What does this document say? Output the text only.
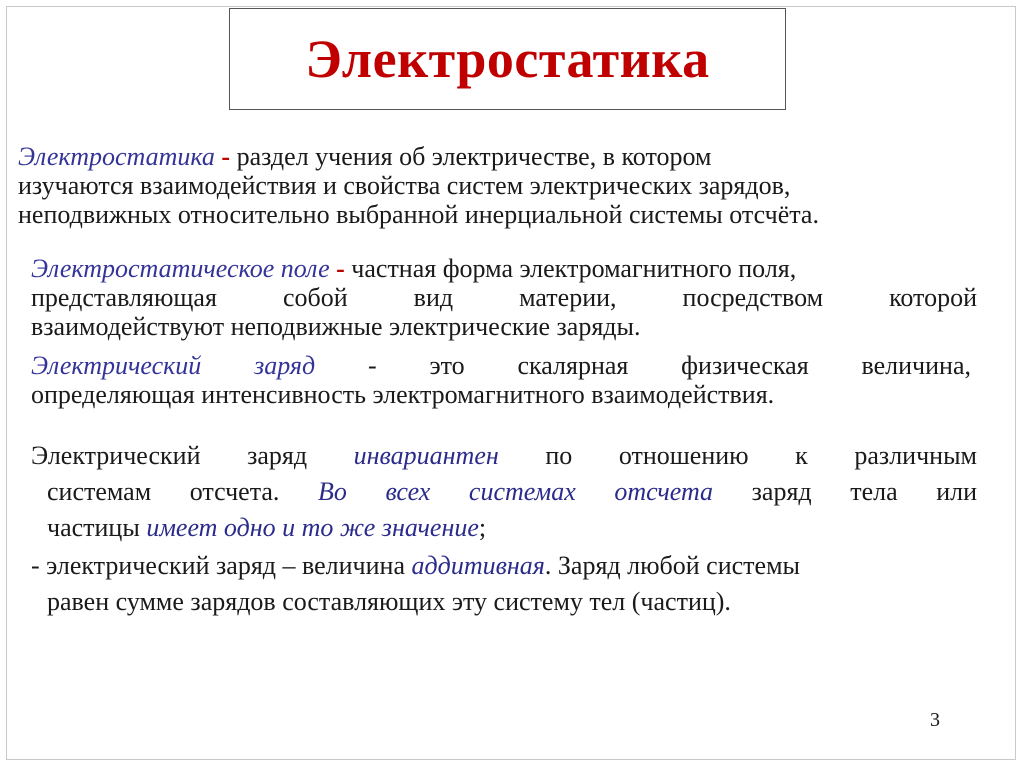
Электростатика
Электростатика - раздел учения об электричестве, в котором
изучаются взаимодействия и свойства систем электрических зарядов,
неподвижных относительно выбранной инерциальной системы отсчёта.
Электростатическое поле - частная форма электромагнитного поля,
представляющая собой вид материи, посредством которой
взаимодействуют неподвижные электрические заряды.
Электрический заряд - это скалярная физическая величина,
определяющая интенсивность электромагнитного взаимодействия.
Электрический заряд инвариантен по отношению к различным
системам отсчета. Во всех системах отсчета заряд тела или
частицы имеет одно и то же значение;
- электрический заряд – величина аддитивная. Заряд любой системы
равен сумме зарядов составляющих эту систему тел (частиц).
3
